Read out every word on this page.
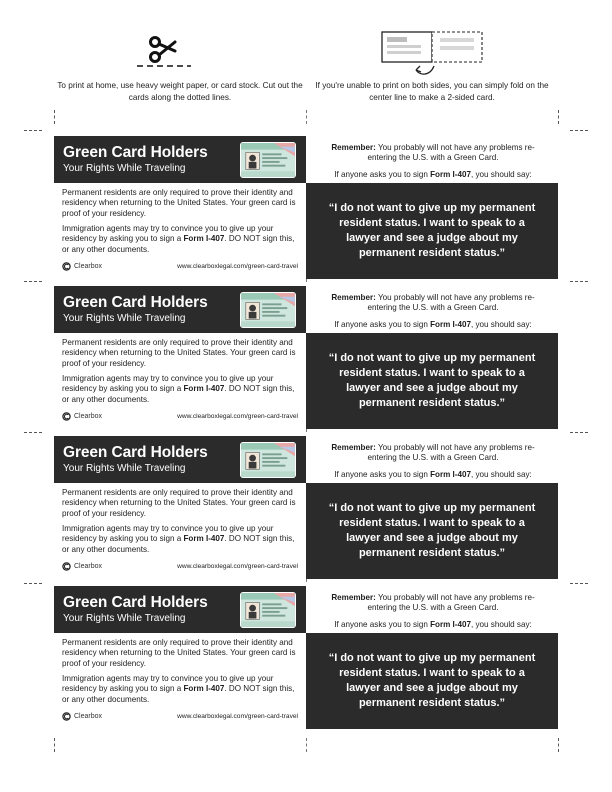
To print at home, use heavy weight paper, or card stock. Cut out the cards along the dotted lines.
If you're unable to print on both sides, you can simply fold on the center line to make a 2-sided card.
Green Card Holders
Your Rights While Traveling
Permanent residents are only required to prove their identity and residency when returning to the United States. Your green card is proof of your residency.
Immigration agents may try to convince you to give up your residency by asking you to sign a Form I-407. DO NOT sign this, or any other documents.
Clearbox	www.clearboxlegal.com/green-card-travel
Remember: You probably will not have any problems re-entering the U.S. with a Green Card.
If anyone asks you to sign Form I-407, you should say:
“I do not want to give up my permanent resident status. I want to speak to a lawyer and see a judge about my permanent resident status.”
Green Card Holders
Your Rights While Traveling
Permanent residents are only required to prove their identity and residency when returning to the United States. Your green card is proof of your residency.
Immigration agents may try to convince you to give up your residency by asking you to sign a Form I-407. DO NOT sign this, or any other documents.
Clearbox	www.clearboxlegal.com/green-card-travel
Remember: You probably will not have any problems re-entering the U.S. with a Green Card.
If anyone asks you to sign Form I-407, you should say:
“I do not want to give up my permanent resident status. I want to speak to a lawyer and see a judge about my permanent resident status.”
Green Card Holders
Your Rights While Traveling
Permanent residents are only required to prove their identity and residency when returning to the United States. Your green card is proof of your residency.
Immigration agents may try to convince you to give up your residency by asking you to sign a Form I-407. DO NOT sign this, or any other documents.
Clearbox	www.clearboxlegal.com/green-card-travel
Remember: You probably will not have any problems re-entering the U.S. with a Green Card.
If anyone asks you to sign Form I-407, you should say:
“I do not want to give up my permanent resident status. I want to speak to a lawyer and see a judge about my permanent resident status.”
Green Card Holders
Your Rights While Traveling
Permanent residents are only required to prove their identity and residency when returning to the United States. Your green card is proof of your residency.
Immigration agents may try to convince you to give up your residency by asking you to sign a Form I-407. DO NOT sign this, or any other documents.
Clearbox	www.clearboxlegal.com/green-card-travel
Remember: You probably will not have any problems re-entering the U.S. with a Green Card.
If anyone asks you to sign Form I-407, you should say:
“I do not want to give up my permanent resident status. I want to speak to a lawyer and see a judge about my permanent resident status.”
